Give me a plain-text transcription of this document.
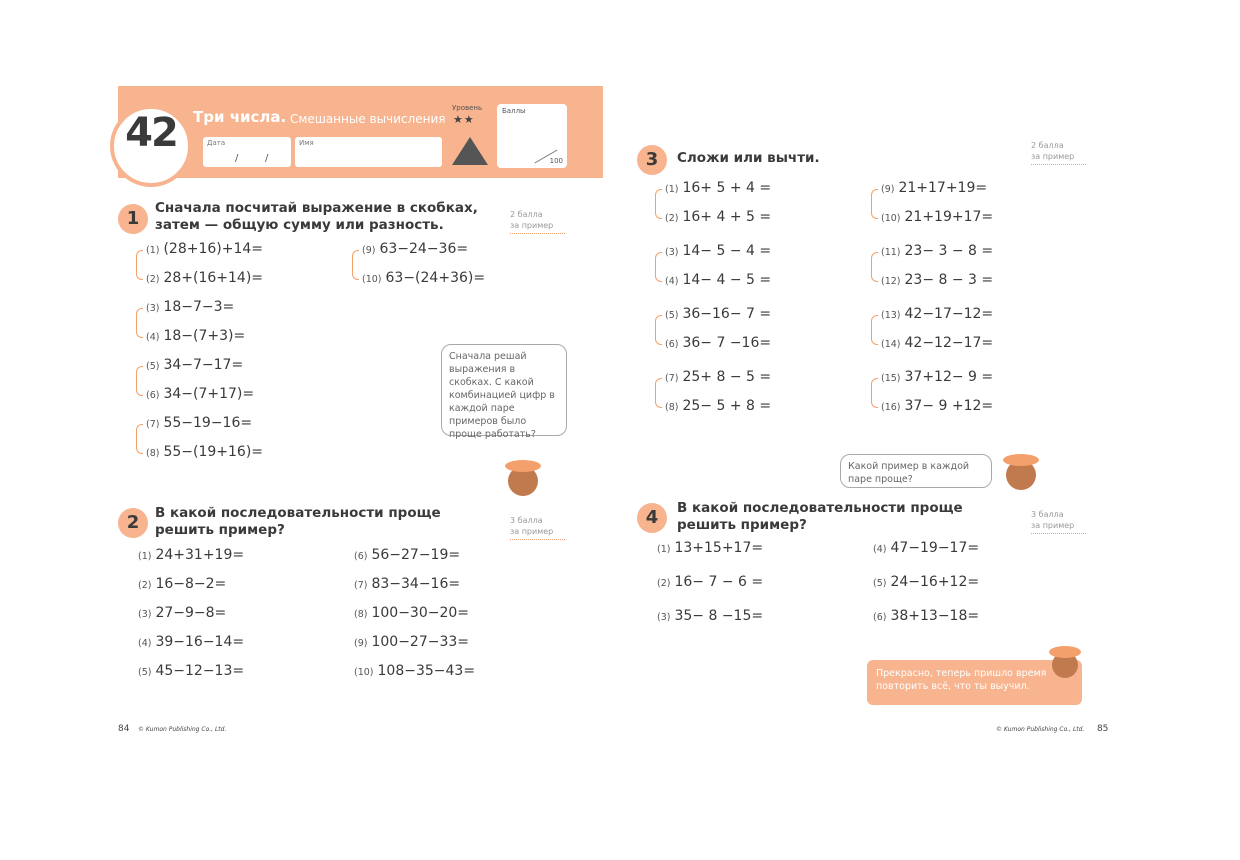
42	Три числа. Смешанные вычисления
Дата
/	/
Имя
Уровень
★★
Баллы
100
1	Сначала посчитай выражение в скобках,
затем — общую сумму или разность.
2 балла
за пример
(1) (28+16)+14=
(2) 28+(16+14)=
(3) 18−7−3=
(4) 18−(7+3)=
(5) 34−7−17=
(6) 34−(7+17)=
(7) 55−19−16=
(8) 55−(19+16)=
(9) 63−24−36=
(10) 63−(24+36)=
Сначала решай выражения в скобках. С какой комбинацией цифр в каждой паре примеров было проще работать?
2	В какой последовательности проще
решить пример?
3 балла
за пример
(1) 24+31+19=
(2) 16−8−2=
(3) 27−9−8=
(4) 39−16−14=
(5) 45−12−13=
(6) 56−27−19=
(7) 83−34−16=
(8) 100−30−20=
(9) 100−27−33=
(10) 108−35−43=
84 © Kumon Publishing Co., Ltd.
3	Сложи или вычти.
2 балла
за пример
(1) 16+ 5 + 4 =
(2) 16+ 4 + 5 =
(3) 14− 5 − 4 =
(4) 14− 4 − 5 =
(5) 36−16− 7 =
(6) 36− 7 −16=
(7) 25+ 8 − 5 =
(8) 25− 5 + 8 =
(9) 21+17+19=
(10) 21+19+17=
(11) 23− 3 − 8 =
(12) 23− 8 − 3 =
(13) 42−17−12=
(14) 42−12−17=
(15) 37+12− 9 =
(16) 37− 9 +12=
Какой пример в каждой паре проще?
4	В какой последовательности проще
решить пример?
3 балла
за пример
(1) 13+15+17=
(2) 16− 7 − 6 =
(3) 35− 8 −15=
(4) 47−19−17=
(5) 24−16+12=
(6) 38+13−18=
Прекрасно, теперь пришло время повторить всё, что ты выучил.
© Kumon Publishing Co., Ltd. 85
